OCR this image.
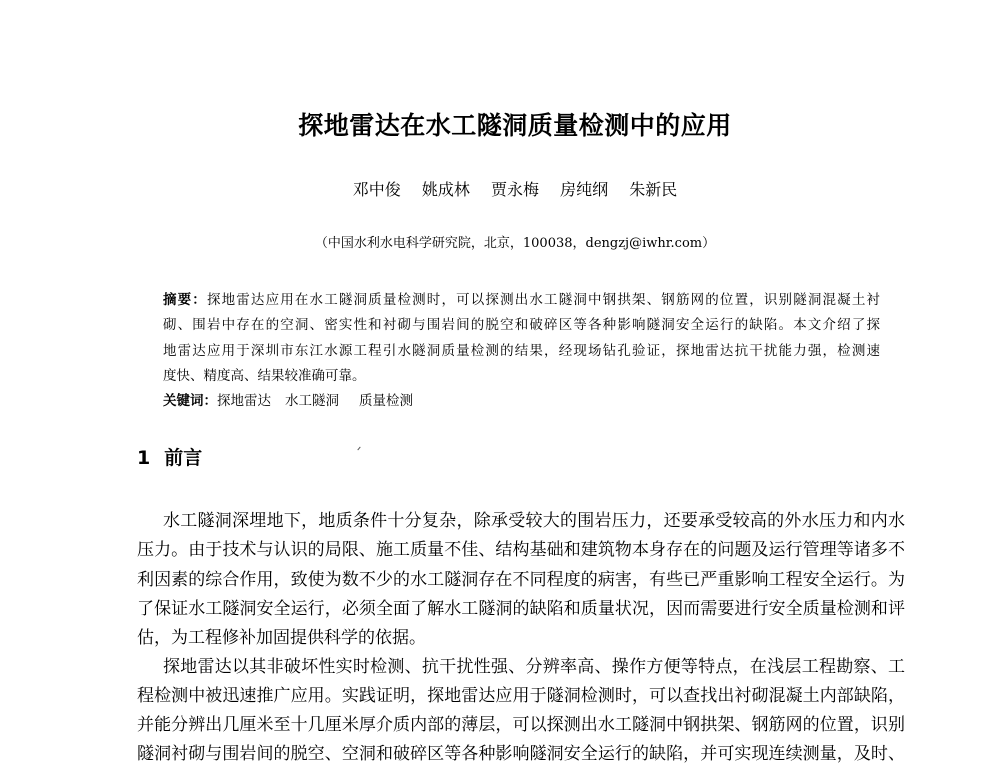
探地雷达在水工隧洞质量检测中的应用
邓中俊 姚成林 贾永梅 房纯纲 朱新民
（中国水利水电科学研究院，北京，100038，dengzj@iwhr.com）
摘要：探地雷达应用在水工隧洞质量检测时，可以探测出水工隧洞中钢拱架、钢筋网的位置，识别隧洞混凝土衬
砌、围岩中存在的空洞、密实性和衬砌与围岩间的脱空和破碎区等各种影响隧洞安全运行的缺陷。本文介绍了探
地雷达应用于深圳市东江水源工程引水隧洞质量检测的结果，经现场钻孔验证，探地雷达抗干扰能力强，检测速
度快、精度高、结果较准确可靠。
关键词：探地雷达 水工隧洞 质量检测
1 前言
水工隧洞深埋地下，地质条件十分复杂，除承受较大的围岩压力，还要承受较高的外水压力和内水
压力。由于技术与认识的局限、施工质量不佳、结构基础和建筑物本身存在的问题及运行管理等诸多不
利因素的综合作用，致使为数不少的水工隧洞存在不同程度的病害，有些已严重影响工程安全运行。为
了保证水工隧洞安全运行，必须全面了解水工隧洞的缺陷和质量状况，因而需要进行安全质量检测和评
估，为工程修补加固提供科学的依据。
探地雷达以其非破坏性实时检测、抗干扰性强、分辨率高、操作方便等特点，在浅层工程勘察、工
程检测中被迅速推广应用。实践证明，探地雷达应用于隧洞检测时，可以查找出衬砌混凝土内部缺陷，
并能分辨出几厘米至十几厘米厚介质内部的薄层，可以探测出水工隧洞中钢拱架、钢筋网的位置，识别
隧洞衬砌与围岩间的脱空、空洞和破碎区等各种影响隧洞安全运行的缺陷，并可实现连续测量，及时、
